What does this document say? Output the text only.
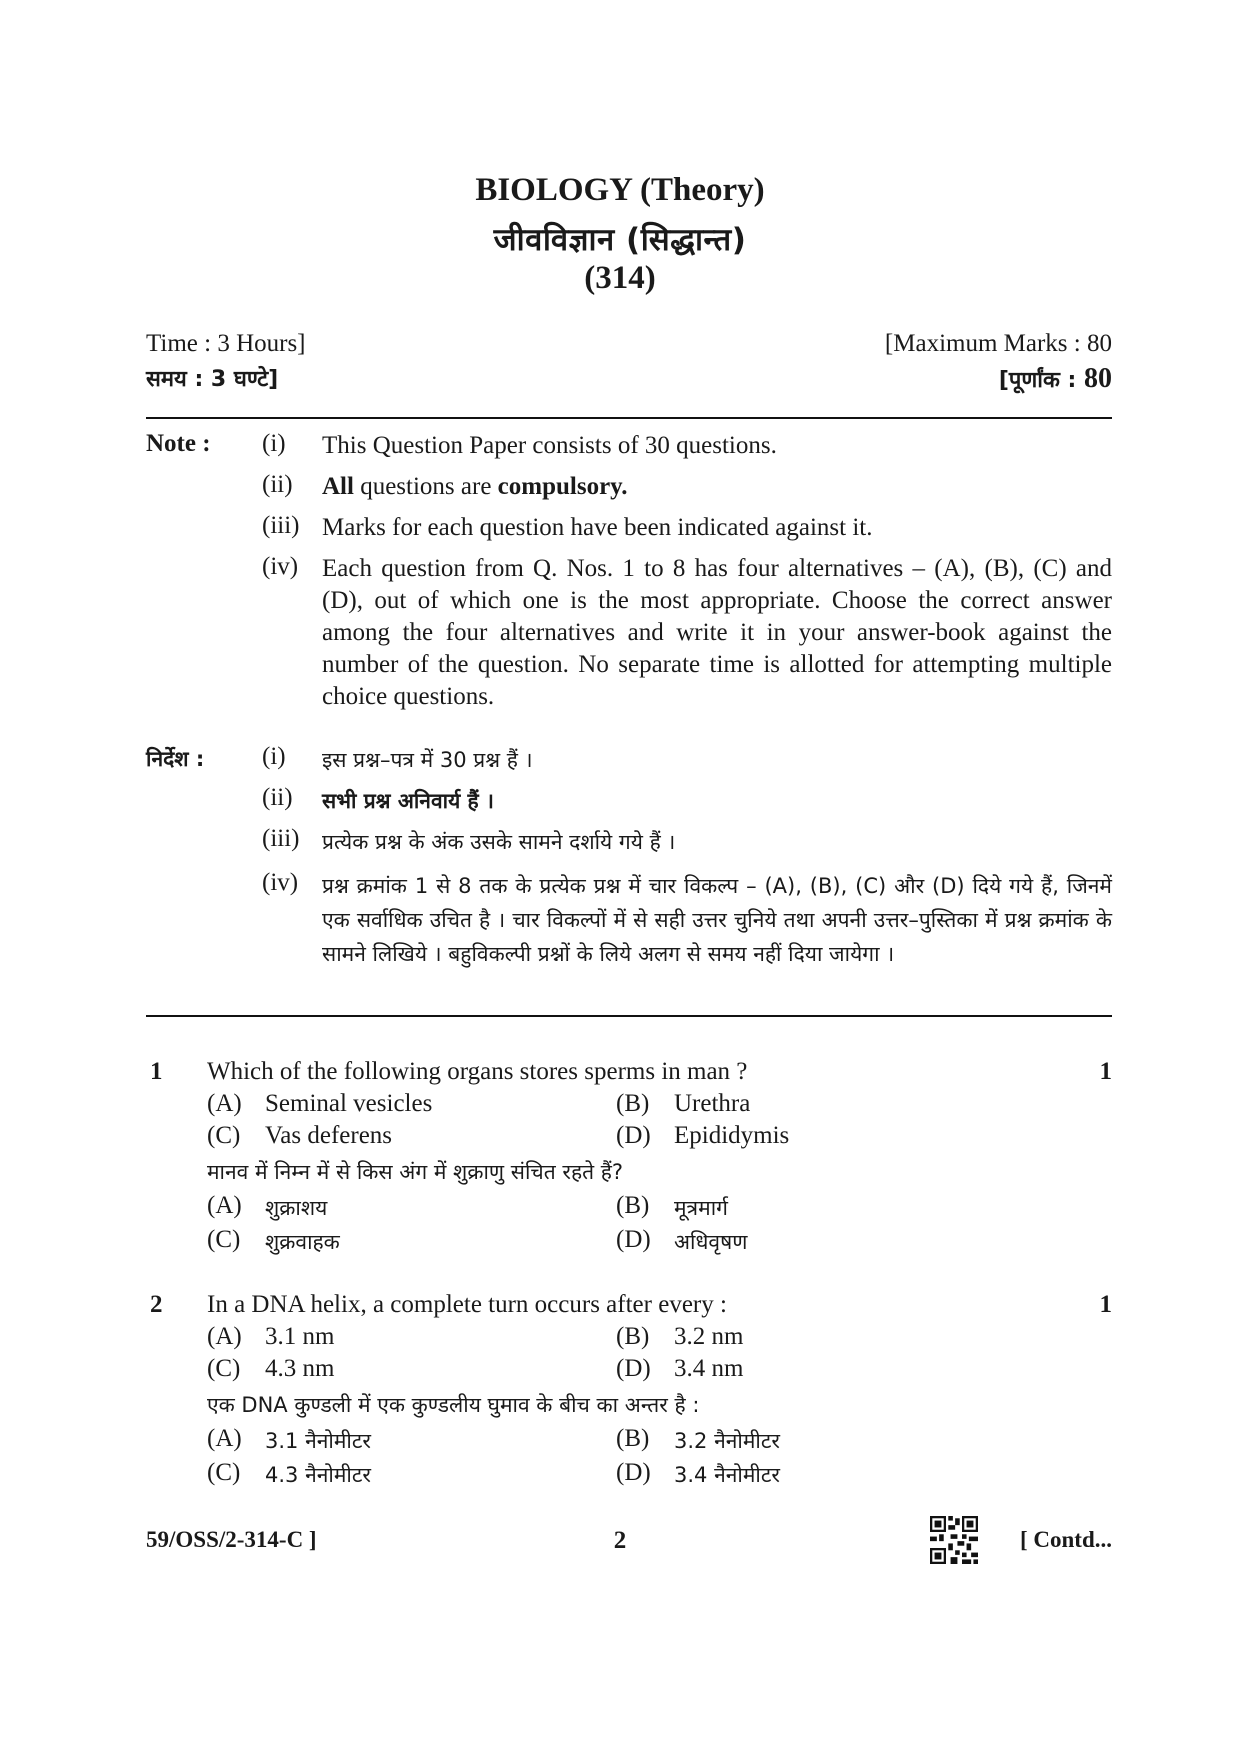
BIOLOGY (Theory)
जीवविज्ञान (सिद्धान्त)
(314)
Time : 3 Hours]	[Maximum Marks : 80
समय : 3 घण्टे]	[पूर्णांक : 80
Note : (i)	This Question Paper consists of 30 questions.
(ii)	All questions are compulsory.
(iii) Marks for each question have been indicated against it.
(iv) Each question from Q. Nos. 1 to 8 has four alternatives – (A), (B), (C) and (D), out of which one is the most appropriate. Choose the correct answer among the four alternatives and write it in your answer-book against the number of the question. No separate time is allotted for attempting multiple choice questions.
निर्देश : (i)	इस प्रश्न–पत्र में 30 प्रश्न हैं ।
(ii)	सभी प्रश्न अनिवार्य हैं ।
(iii)	प्रत्येक प्रश्न के अंक उसके सामने दर्शाये गये हैं ।
(iv)	प्रश्न क्रमांक 1 से 8 तक के प्रत्येक प्रश्न में चार विकल्प – (A), (B), (C) और (D) दिये गये हैं, जिनमें एक सर्वाधिक उचित है । चार विकल्पों में से सही उत्तर चुनिये तथा अपनी उत्तर–पुस्तिका में प्रश्न क्रमांक के सामने लिखिये । बहुविकल्पी प्रश्नों के लिये अलग से समय नहीं दिया जायेगा ।
1 Which of the following organs stores sperms in man ?	1
(A) Seminal vesicles	(B) Urethra
(C) Vas deferens	(D) Epididymis
मानव में निम्न में से किस अंग में शुक्राणु संचित रहते हैं?
(A)	शुक्राशय	(B)	मूत्रमार्ग
(C)	शुक्रवाहक	(D)	अधिवृषण
2 In a DNA helix, a complete turn occurs after every :	1
(A) 3.1 nm	(B) 3.2 nm
(C) 4.3 nm	(D) 3.4 nm
एक DNA कुण्डली में एक कुण्डलीय घुमाव के बीच का अन्तर है :
(A)	3.1 नैनोमीटर	(B)	3.2 नैनोमीटर
(C)	4.3 नैनोमीटर	(D)	3.4 नैनोमीटर
59/OSS/2-314-C ]	2	[ Contd...
